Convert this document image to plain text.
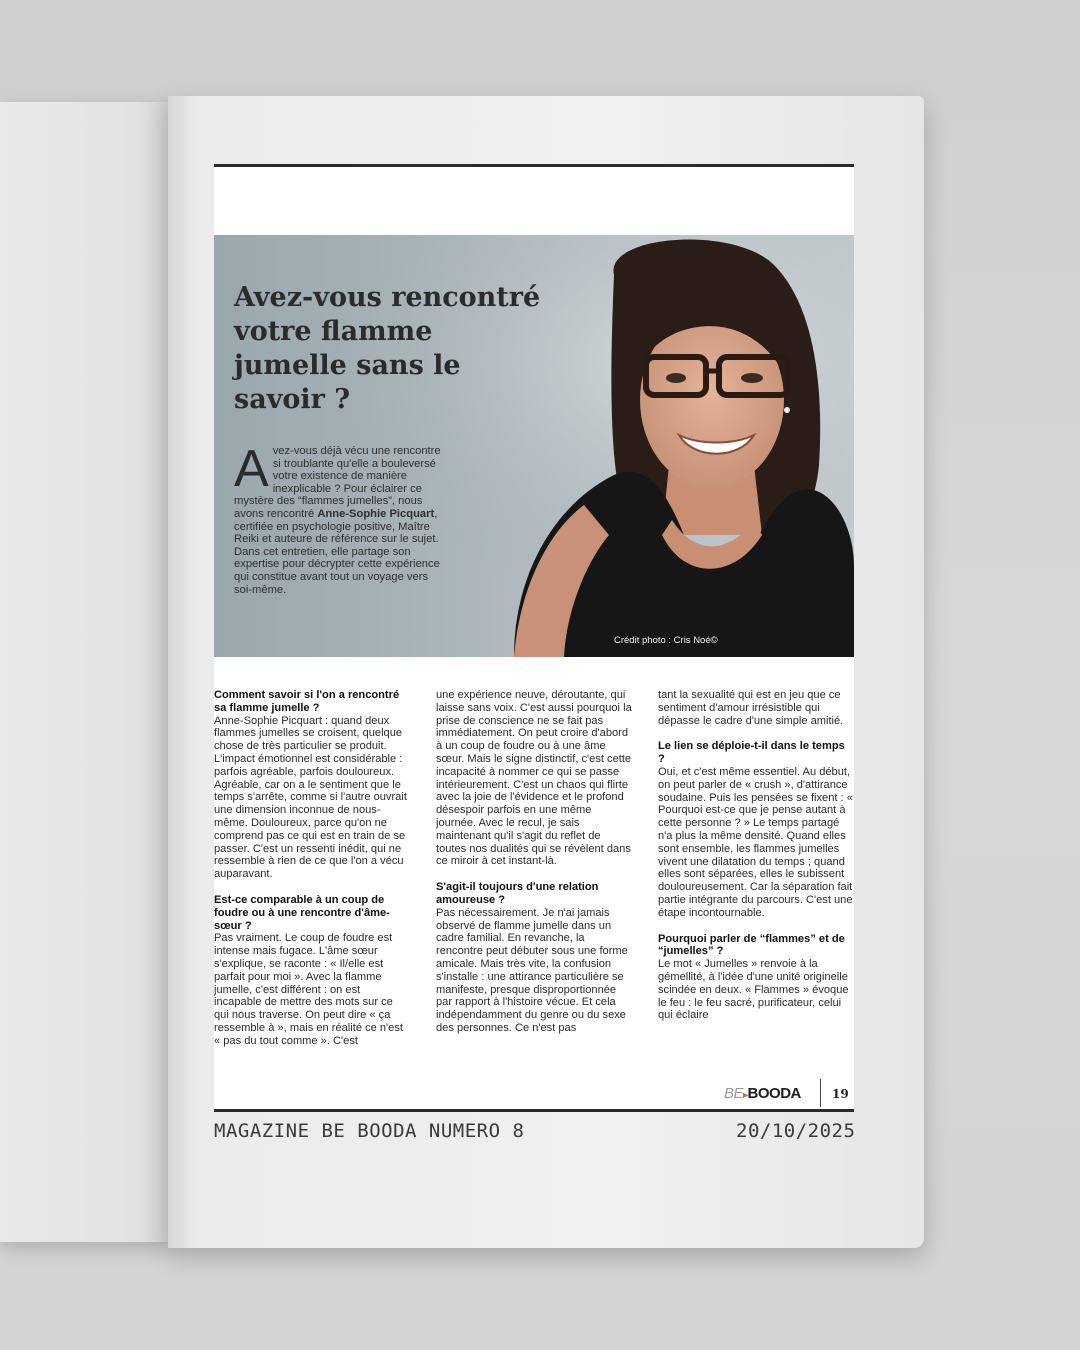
Avez-vous rencontré votre flamme jumelle sans le savoir ?
Avez-vous déjà vécu une rencontre si troublante qu'elle a bouleversé votre existence de manière inexplicable ? Pour éclairer ce mystère des “flammes jumelles”, nous avons rencontré Anne-Sophie Picquart, certifiée en psychologie positive, Maître Reiki et auteure de référence sur le sujet. Dans cet entretien, elle partage son expertise pour décrypter cette expérience qui constitue avant tout un voyage vers soi-même.
Crédit photo : Cris Noé©
Comment savoir si l'on a rencontré sa flamme jumelle ?

Anne-Sophie Picquart : quand deux flammes jumelles se croisent, quelque chose de très particulier se produit. L'impact émotionnel est considérable : parfois agréable, parfois douloureux. Agréable, car on a le sentiment que le temps s'arrête, comme si l'autre ouvrait une dimension inconnue de nous-même. Douloureux, parce qu'on ne comprend pas ce qui est en train de se passer. C'est un ressenti inédit, qui ne ressemble à rien de ce que l'on a vécu auparavant.

Est-ce comparable à un coup de foudre ou à une rencontre d'âme-sœur ?

Pas vraiment. Le coup de foudre est intense mais fugace. L'âme sœur s'explique, se raconte : « Il/elle est parfait pour moi ». Avec la flamme jumelle, c'est différent : on est incapable de mettre des mots sur ce qui nous traverse. On peut dire « ça ressemble à », mais en réalité ce n'est « pas du tout comme ». C'est

une expérience neuve, déroutante, qui laisse sans voix. C'est aussi pourquoi la prise de conscience ne se fait pas immédiatement. On peut croire d'abord à un coup de foudre ou à une âme sœur. Mais le signe distinctif, c'est cette incapacité à nommer ce qui se passe intérieurement. C'est un chaos qui flirte avec la joie de l'évidence et le profond désespoir parfois en une même journée. Avec le recul, je sais maintenant qu'il s'agit du reflet de toutes nos dualités qui se révèlent dans ce miroir à cet instant-là.

S'agit-il toujours d'une relation amoureuse ?

Pas nécessairement. Je n'ai jamais observé de flamme jumelle dans un cadre familial. En revanche, la rencontre peut débuter sous une forme amicale. Mais très vite, la confusion s'installe : une attirance particulière se manifeste, presque disproportionnée par rapport à l'histoire vécue. Et cela indépendamment du genre ou du sexe des personnes. Ce n'est pas

tant la sexualité qui est en jeu que ce sentiment d'amour irrésistible qui dépasse le cadre d'une simple amitié.

Le lien se déploie-t-il dans le temps ?

Oui, et c'est même essentiel. Au début, on peut parler de « crush », d'attirance soudaine. Puis les pensées se fixent : « Pourquoi est-ce que je pense autant à cette personne ? » Le temps partagé n'a plus la même densité. Quand elles sont ensemble, les flammes jumelles vivent une dilatation du temps ; quand elles sont séparées, elles le subissent douloureusement. Car la séparation fait partie intégrante du parcours. C'est une étape incontournable.

Pourquoi parler de “flammes” et de “jumelles” ?

Le mot « Jumelles » renvoie à la gémellité, à l'idée d'une unité originelle scindée en deux. « Flammes » évoque le feu : le feu sacré, purificateur, celui qui éclaire

BE▸BOODA	19
MAGAZINE BE BOODA NUMERO 8	20/10/2025
